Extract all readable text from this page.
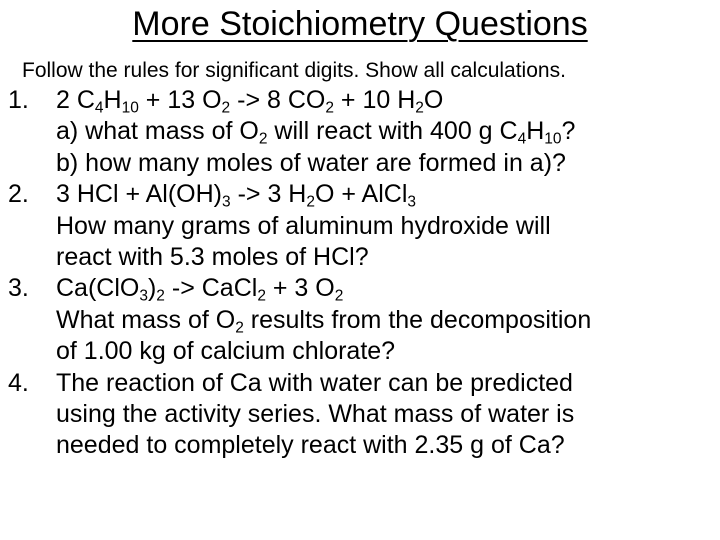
More Stoichiometry Questions
Follow the rules for significant digits. Show all calculations.
1. 2 $C_4H_{10} + 13$ $O_2 -> 8$ $CO_2 + 10$ $H_2O$
a) what mass of $O_2$ will react with 400 g $C_4H_{10}$?
b) how many moles of water are formed in a)?
2. 3 HCl + $Al(OH)_3 -> 3$ $H_2O$ + AlCl$_3$
How many grams of aluminum hydroxide will
react with 5.3 moles of HCl?
3. $Ca(ClO_3)_2$ -> CaCl$_2$ + 3 $O_2$
What mass of $O_2$ results from the decomposition
of 1.00 kg of calcium chlorate?
4. The reaction of Ca with water can be predicted
using the activity series. What mass of water is
needed to completely react with 2.35 g of Ca?
